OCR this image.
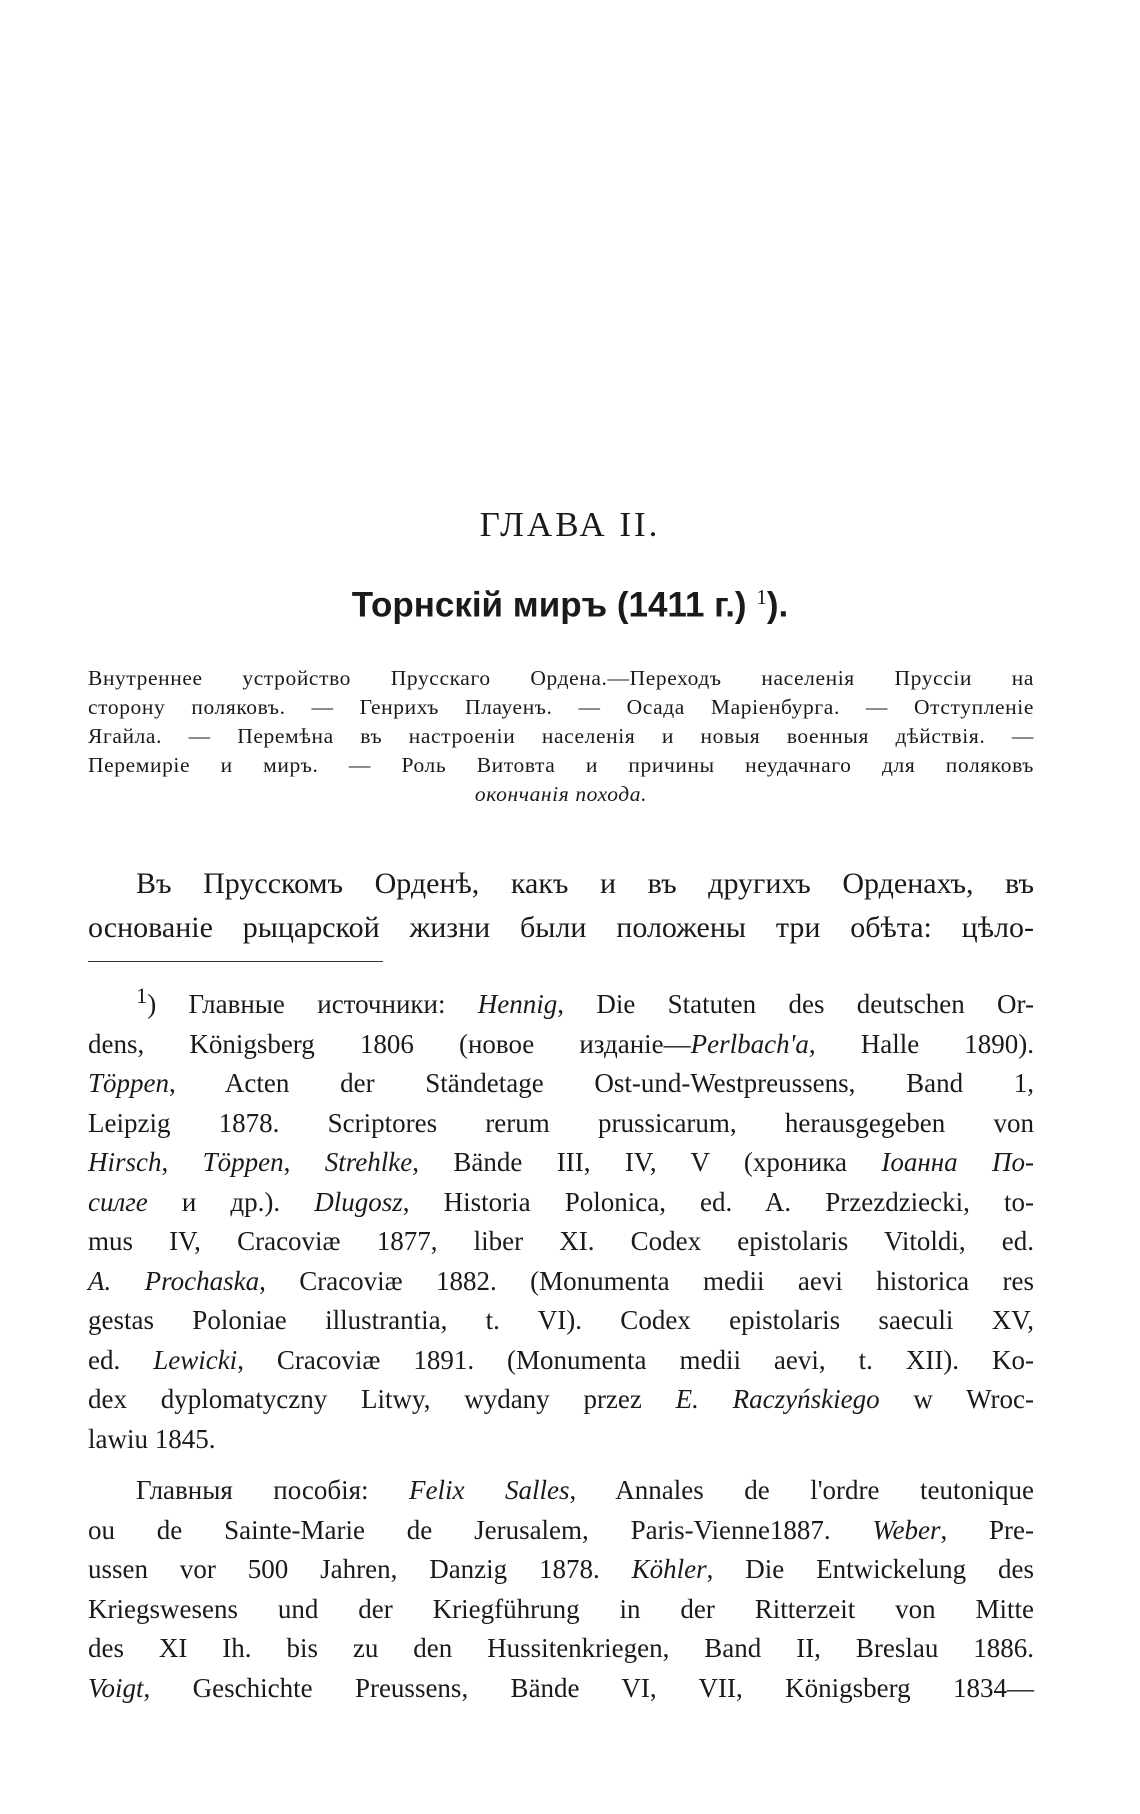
ГЛАВА II.
Торнскій миръ (1411 г.) $^1$).
Внутреннее устройство Прусскаго Ордена.—Переходъ населенія Пруссіи на
сторону поляковъ. — Генрихъ Плауенъ. — Осада Маріенбурга. — Отступленіе
Ягайла. — Перемѣна въ настроеніи населенія и новыя военныя дѣйствія. —
Перемиріе и миръ. — Роль Витовта и причины неудачнаго для поляковъ
окончанія похода.
Въ Прусскомъ Орденѣ, какъ и въ другихъ Орденахъ, въ
основаніе рыцарской жизни были положены три обѣта: цѣло-
$^1$) Главные источники: Hennig, Die Statuten des deutschen Or-
dens, Königsberg 1806 (новое изданіе—Perlbach'a, Halle 1890).
Töppen, Acten der Ständetage Ost-und-Westpreussens, Band 1,
Leipzig 1878. Scriptores rerum prussicarum, herausgegeben von
Hirsch, Töppen, Strehlke, Bände III, IV, V (хроника Іоанна По-
силге и др.). Dlugosz, Historia Polonica, ed. A. Przezdziecki, to-
mus IV, Cracoviæ 1877, liber XI. Codex epistolaris Vitoldi, ed.
A. Prochaska, Cracoviæ 1882. (Monumenta medii aevi historica res
gestas Poloniae illustrantia, t. VI). Codex epistolaris saeculi XV,
ed. Lewicki, Cracoviæ 1891. (Monumenta medii aevi, t. XII). Ko-
dex dyplomatyczny Litwy, wydany przez E. Raczyńskiego w Wroc-
lawiu 1845.
Главныя пособія: Felix Salles, Annales de l'ordre teutonique
ou de Sainte-Marie de Jerusalem, Paris-Vienne1887. Weber, Pre-
ussen vor 500 Jahren, Danzig 1878. Köhler, Die Entwickelung des
Kriegswesens und der Kriegführung in der Ritterzeit von Mitte
des XI Ih. bis zu den Hussitenkriegen, Band II, Breslau 1886.
Voigt, Geschichte Preussens, Bände VI, VII, Königsberg 1834—
